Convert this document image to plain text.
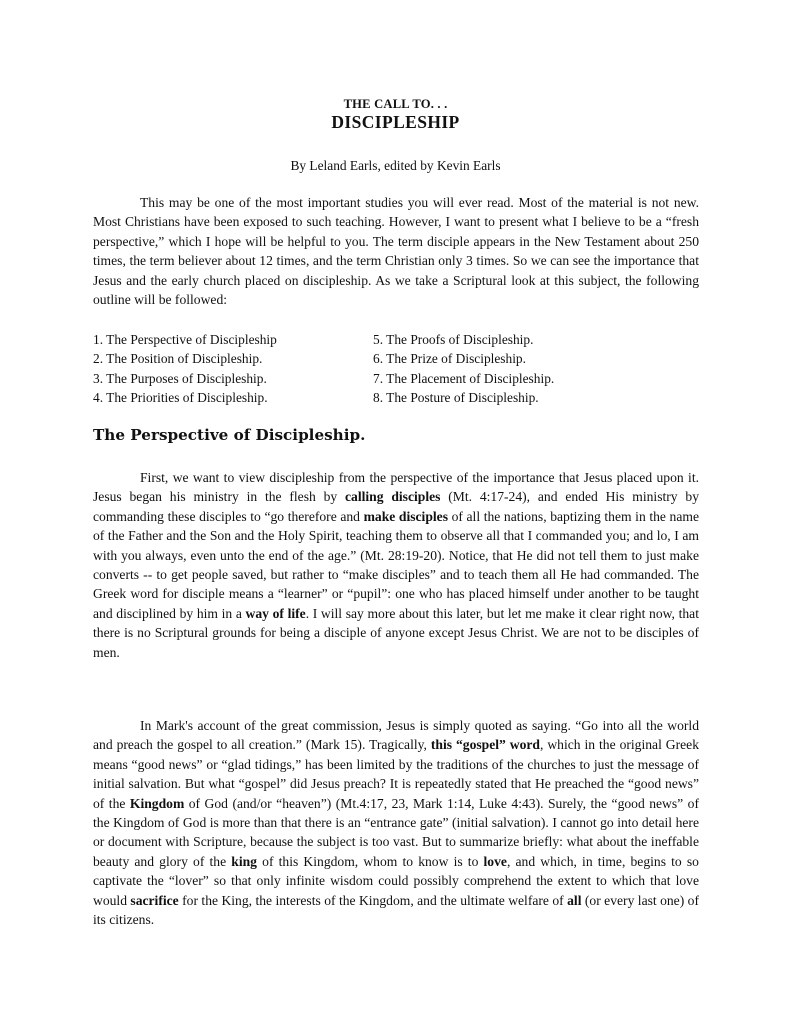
THE CALL TO. . .
DISCIPLESHIP
By Leland Earls, edited by Kevin Earls

This may be one of the most important studies you will ever read. Most of the material is not new. Most Christians have been exposed to such teaching. However, I want to present what I believe to be a “fresh perspective,” which I hope will be helpful to you. The term disciple appears in the New Testament about 250 times, the term believer about 12 times, and the term Christian only 3 times. So we can see the importance that Jesus and the early church placed on discipleship. As we take a Scriptural look at this subject, the following outline will be followed:

1. The Perspective of Discipleship	5. The Proofs of Discipleship.
2. The Position of Discipleship.	6. The Prize of Discipleship.
3. The Purposes of Discipleship.	7. The Placement of Discipleship.
4. The Priorities of Discipleship.	8. The Posture of Discipleship.
The Perspective of Discipleship.

First, we want to view discipleship from the perspective of the importance that Jesus placed upon it. Jesus began his ministry in the flesh by calling disciples (Mt. 4:17-24), and ended His ministry by commanding these disciples to “go therefore and make disciples of all the nations, baptizing them in the name of the Father and the Son and the Holy Spirit, teaching them to observe all that I commanded you; and lo, I am with you always, even unto the end of the age.” (Mt. 28:19-20). Notice, that He did not tell them to just make converts -- to get people saved, but rather to “make disciples” and to teach them all He had commanded. The Greek word for disciple means a “learner” or “pupil”: one who has placed himself under another to be taught and disciplined by him in a way of life. I will say more about this later, but let me make it clear right now, that there is no Scriptural grounds for being a disciple of anyone except Jesus Christ. We are not to be disciples of men.

In Mark's account of the great commission, Jesus is simply quoted as saying. “Go into all the world and preach the gospel to all creation.” (Mark 15). Tragically, this “gospel” word, which in the original Greek means “good news” or “glad tidings,” has been limited by the traditions of the churches to just the message of initial salvation. But what “gospel” did Jesus preach? It is repeatedly stated that He preached the “good news” of the Kingdom of God (and/or “heaven”) (Mt.4:17, 23, Mark 1:14, Luke 4:43). Surely, the “good news” of the Kingdom of God is more than that there is an “entrance gate” (initial salvation). I cannot go into detail here or document with Scripture, because the subject is too vast. But to summarize briefly: what about the ineffable beauty and glory of the king of this Kingdom, whom to know is to love, and which, in time, begins to so captivate the “lover” so that only infinite wisdom could possibly comprehend the extent to which that love would sacrifice for the King, the interests of the Kingdom, and the ultimate welfare of all (or every last one) of its citizens.
